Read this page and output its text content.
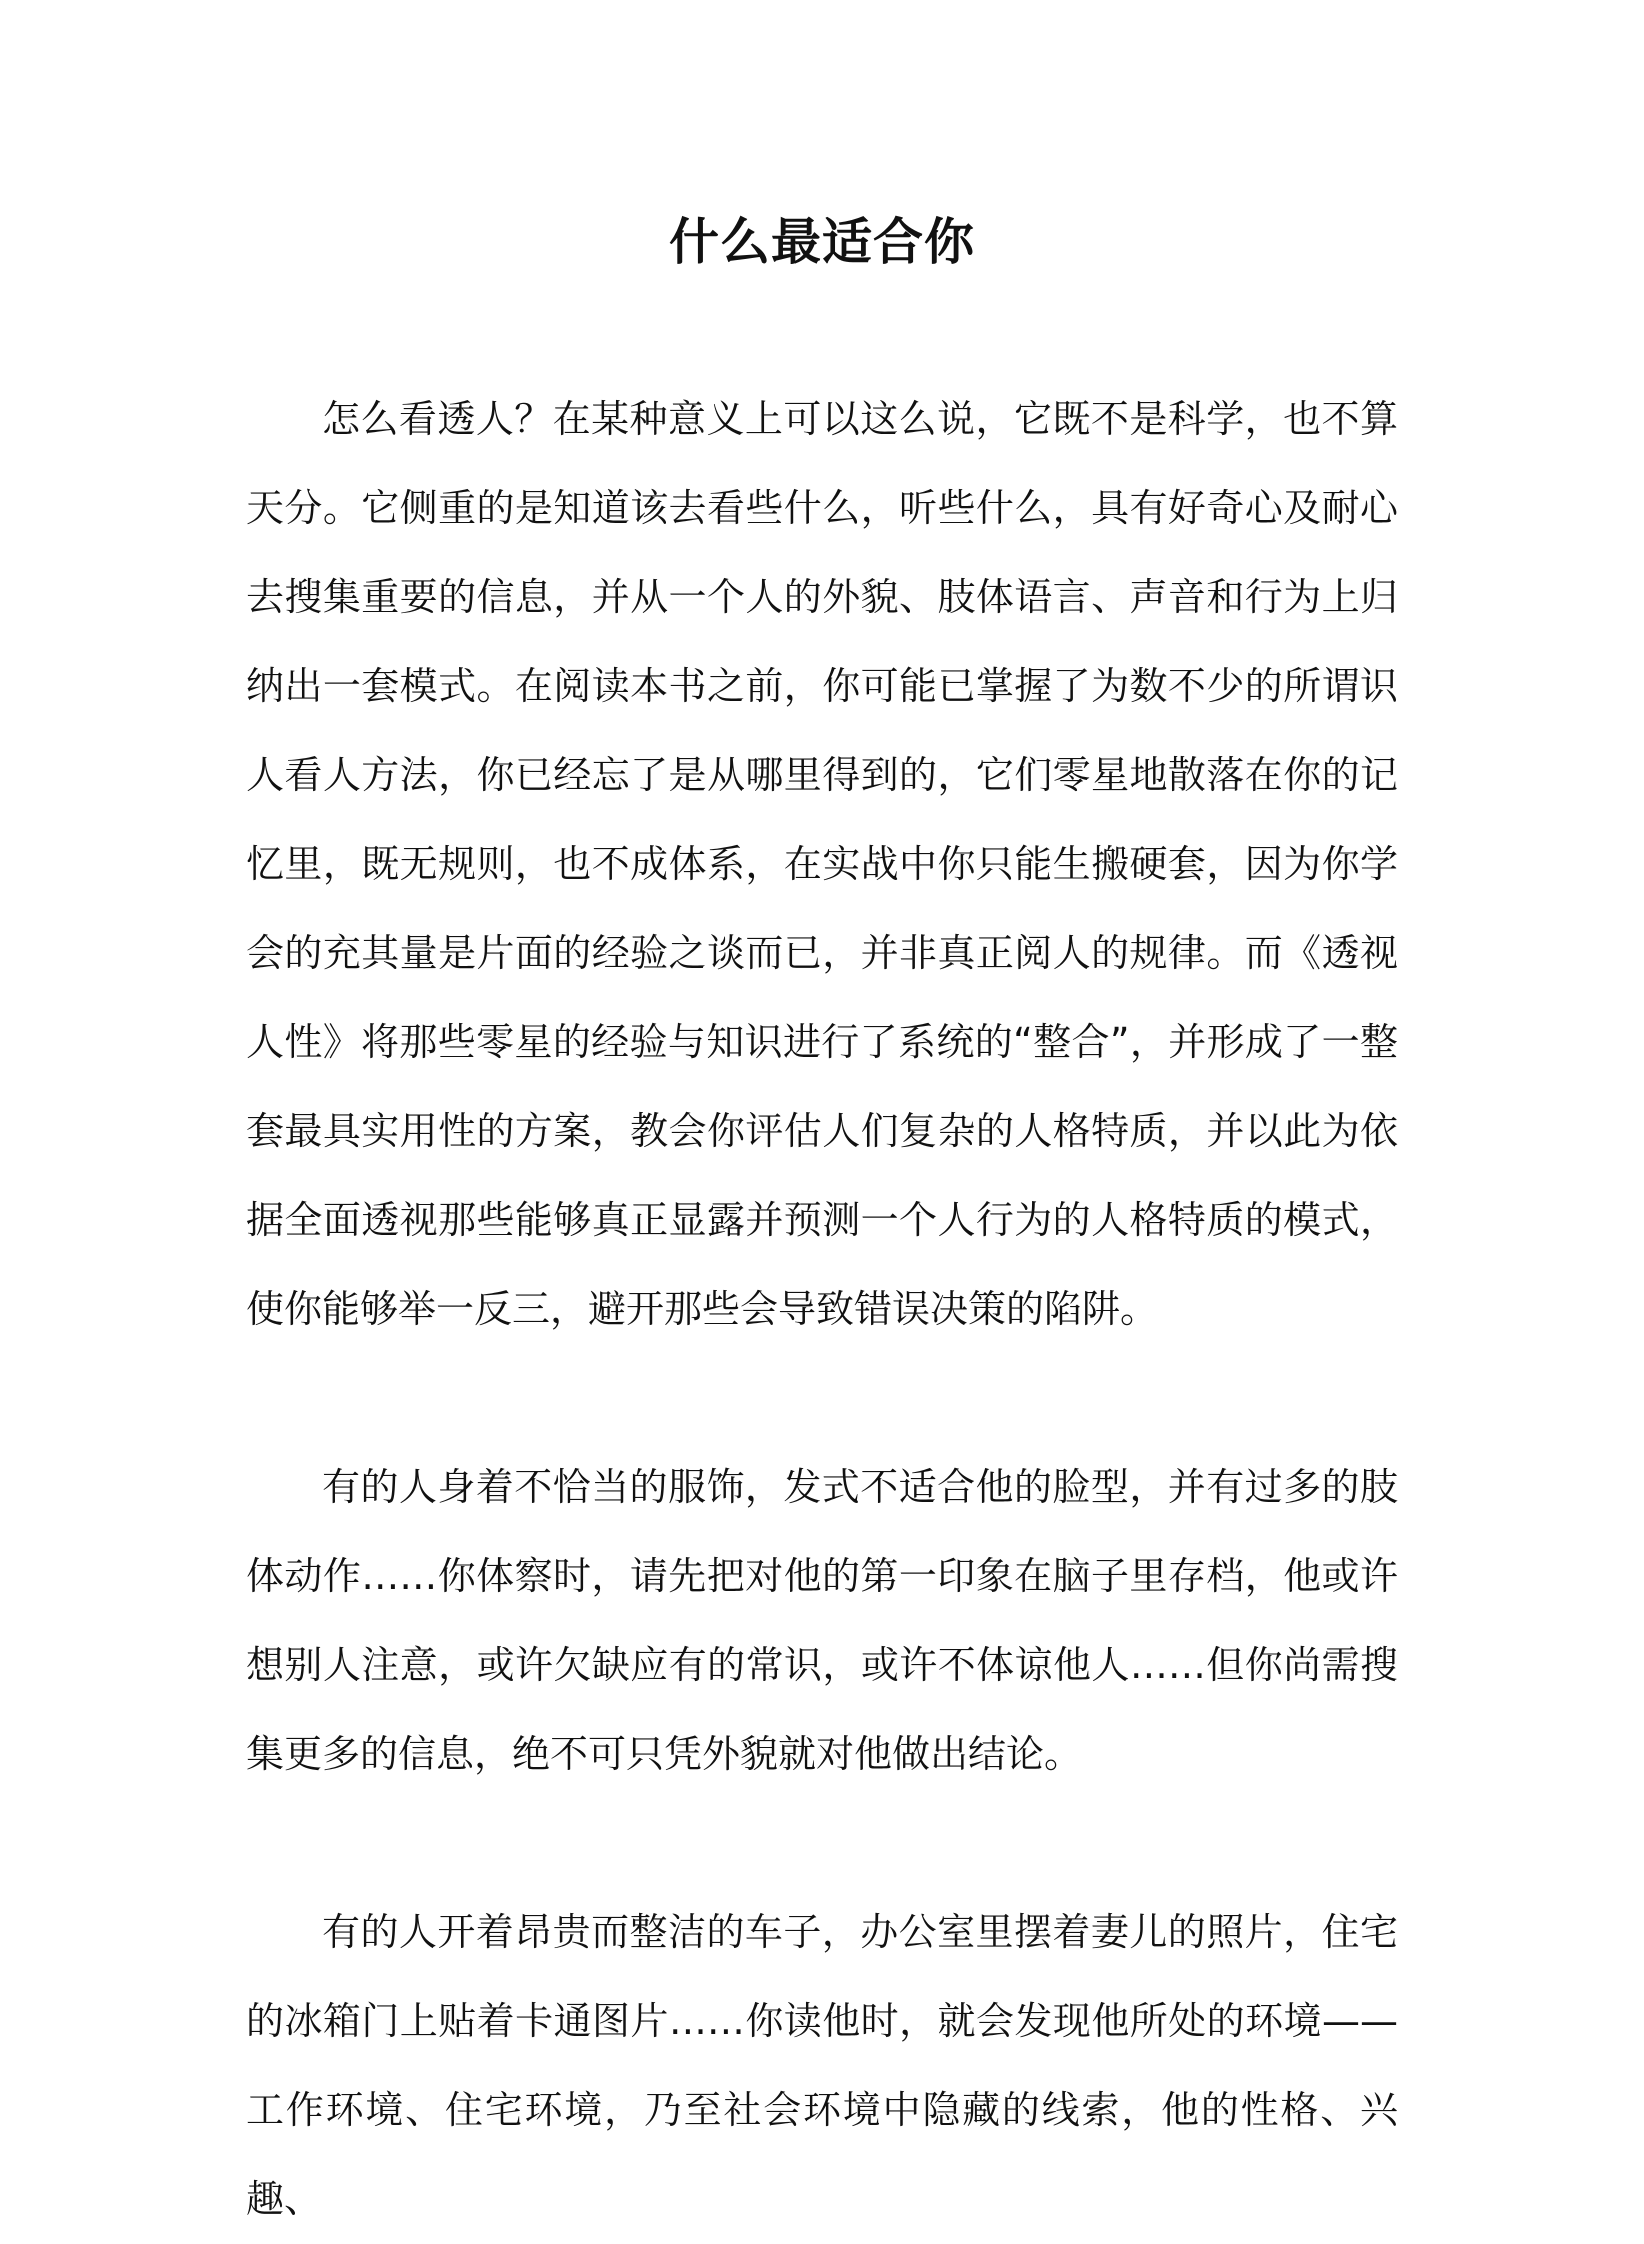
什么最适合你

怎么看透人？在某种意义上可以这么说，它既不是科学，也不算天分。它侧重的是知道该去看些什么，听些什么，具有好奇心及耐心去搜集重要的信息，并从一个人的外貌、肢体语言、声音和行为上归纳出一套模式。在阅读本书之前，你可能已掌握了为数不少的所谓识人看人方法，你已经忘了是从哪里得到的，它们零星地散落在你的记忆里，既无规则，也不成体系，在实战中你只能生搬硬套，因为你学会的充其量是片面的经验之谈而已，并非真正阅人的规律。而《透视人性》将那些零星的经验与知识进行了系统的“整合”，并形成了一整套最具实用性的方案，教会你评估人们复杂的人格特质，并以此为依据全面透视那些能够真正显露并预测一个人行为的人格特质的模式，使你能够举一反三，避开那些会导致错误决策的陷阱。

有的人身着不恰当的服饰，发式不适合他的脸型，并有过多的肢体动作……你体察时，请先把对他的第一印象在脑子里存档，他或许想别人注意，或许欠缺应有的常识，或许不体谅他人……但你尚需搜集更多的信息，绝不可只凭外貌就对他做出结论。

有的人开着昂贵而整洁的车子，办公室里摆着妻儿的照片，住宅的冰箱门上贴着卡通图片……你读他时，就会发现他所处的环境——工作环境、住宅环境，乃至社会环境中隐藏的线索，他的性格、兴趣、
